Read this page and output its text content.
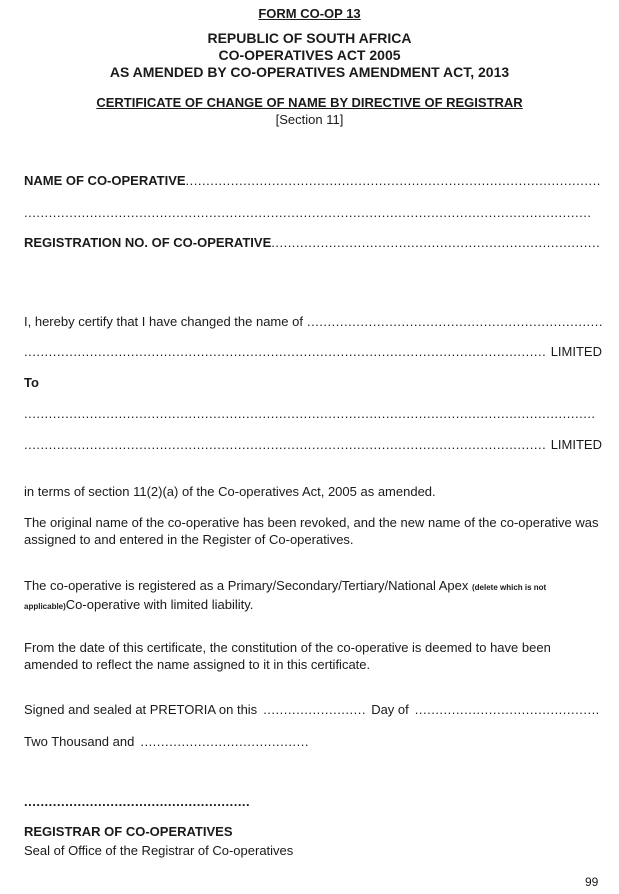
FORM CO-OP 13
REPUBLIC OF SOUTH AFRICA
CO-OPERATIVES ACT 2005
AS AMENDED BY CO-OPERATIVES AMENDMENT ACT, 2013
CERTIFICATE OF CHANGE OF NAME BY DIRECTIVE OF REGISTRAR
[Section 11]
NAME OF CO-OPERATIVE
.....
.....
REGISTRATION NO. OF CO-OPERATIVE
.....
I, hereby certify that I have changed the name of
.....
.....
LIMITED
To
.....
.....
LIMITED
in terms of section 11(2)(a) of the Co-operatives Act, 2005 as amended.
The original name of the co-operative has been revoked, and the new name of the co-operative was assigned to and entered in the Register of Co-operatives.
The co-operative is registered as a Primary/Secondary/Tertiary/National Apex (delete which is not applicable)Co-operative with limited liability.
From the date of this certificate, the constitution of the co-operative is deemed to have been amended to reflect the name assigned to it in this certificate.
Signed and sealed at PRETORIA on this
.....	Day of
.....
Two Thousand and
.....
.....
REGISTRAR OF CO-OPERATIVES
Seal of Office of the Registrar of Co-operatives
99
